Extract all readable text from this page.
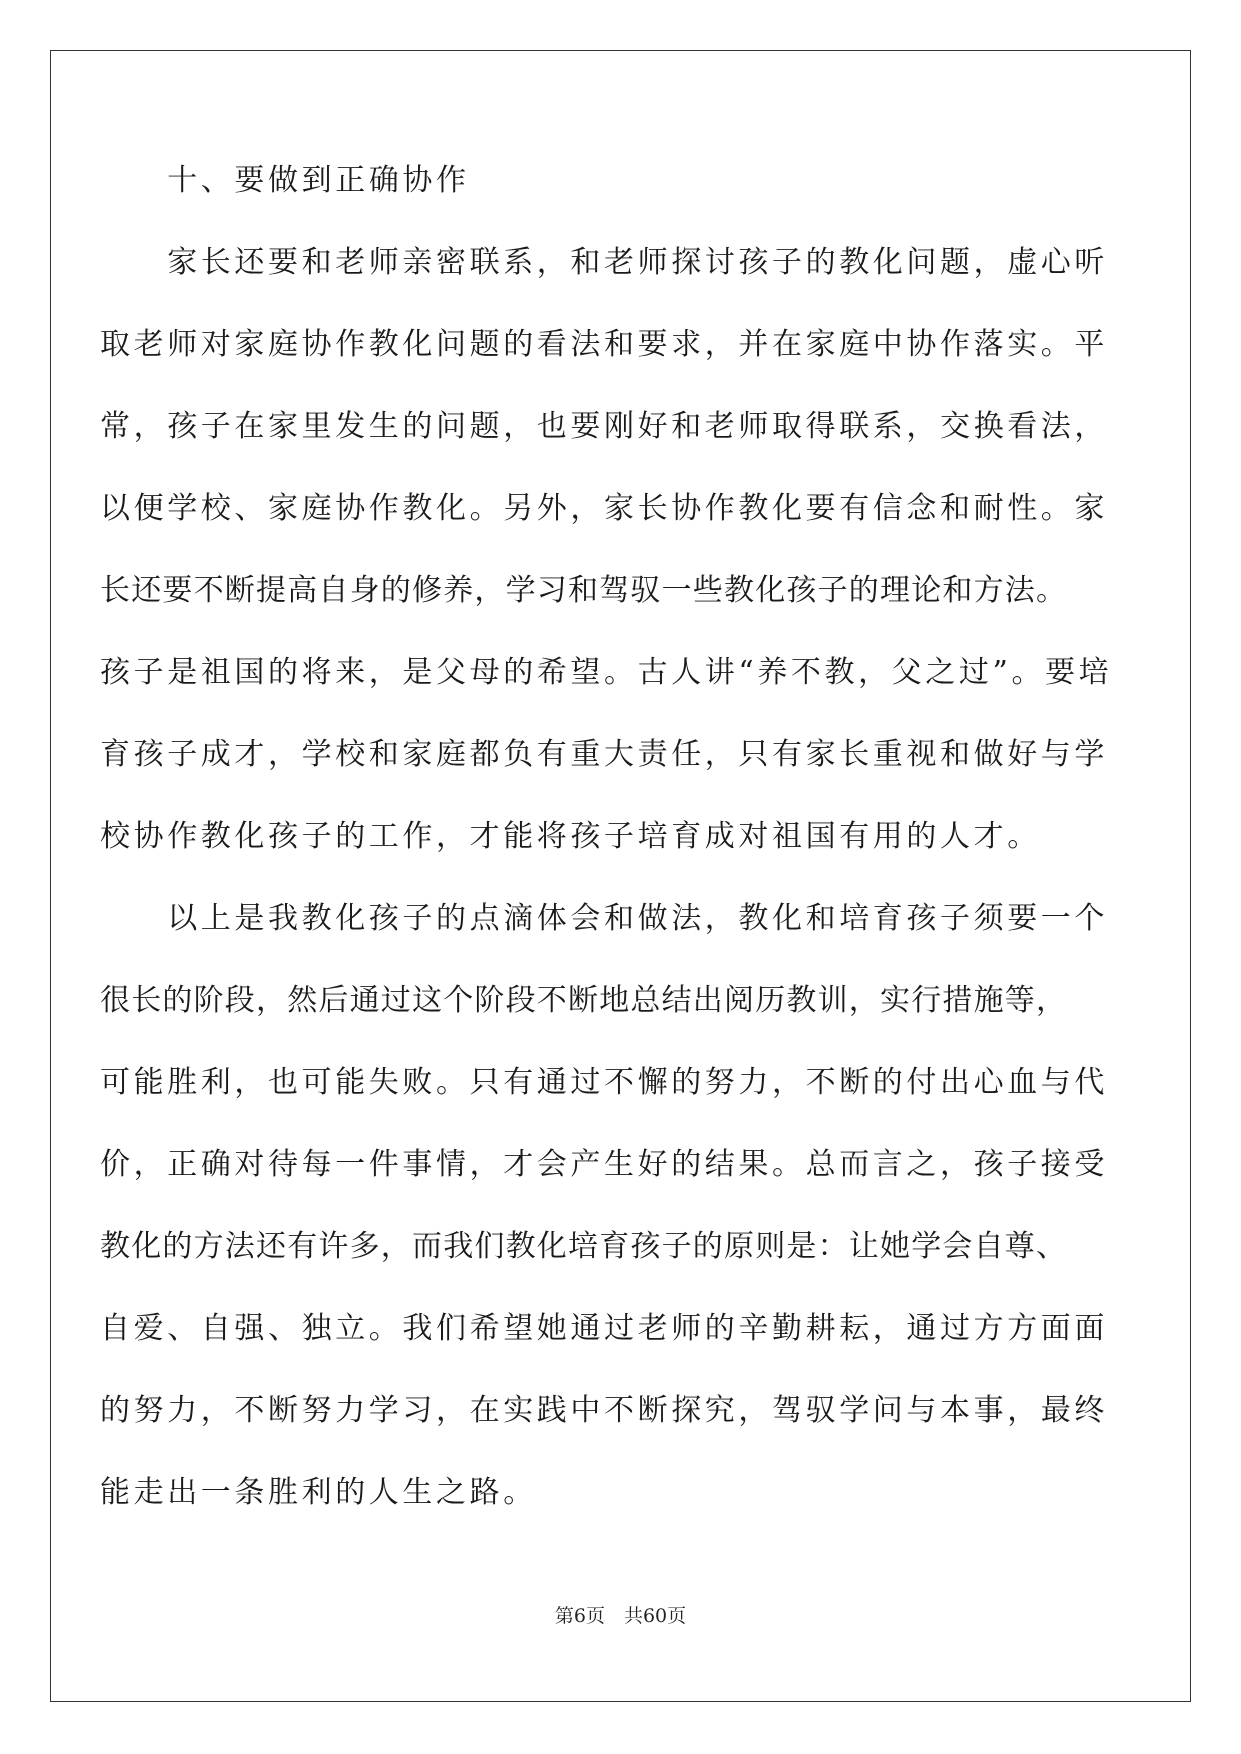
　　十、要做到正确协作
　　家长还要和老师亲密联系，和老师探讨孩子的教化问题，虚心听
取老师对家庭协作教化问题的看法和要求，并在家庭中协作落实。平
常，孩子在家里发生的问题，也要刚好和老师取得联系，交换看法，
以便学校、家庭协作教化。另外，家长协作教化要有信念和耐性。家
长还要不断提高自身的修养，学习和驾驭一些教化孩子的理论和方法。
孩子是祖国的将来，是父母的希望。古人讲“养不教，父之过”。要培
育孩子成才，学校和家庭都负有重大责任，只有家长重视和做好与学
校协作教化孩子的工作，才能将孩子培育成对祖国有用的人才。
　　以上是我教化孩子的点滴体会和做法，教化和培育孩子须要一个
很长的阶段，然后通过这个阶段不断地总结出阅历教训，实行措施等，
可能胜利，也可能失败。只有通过不懈的努力，不断的付出心血与代
价，正确对待每一件事情，才会产生好的结果。总而言之，孩子接受
教化的方法还有许多，而我们教化培育孩子的原则是：让她学会自尊、
自爱、自强、独立。我们希望她通过老师的辛勤耕耘，通过方方面面
的努力，不断努力学习，在实践中不断探究，驾驭学问与本事，最终
能走出一条胜利的人生之路。
第6页　共60页
